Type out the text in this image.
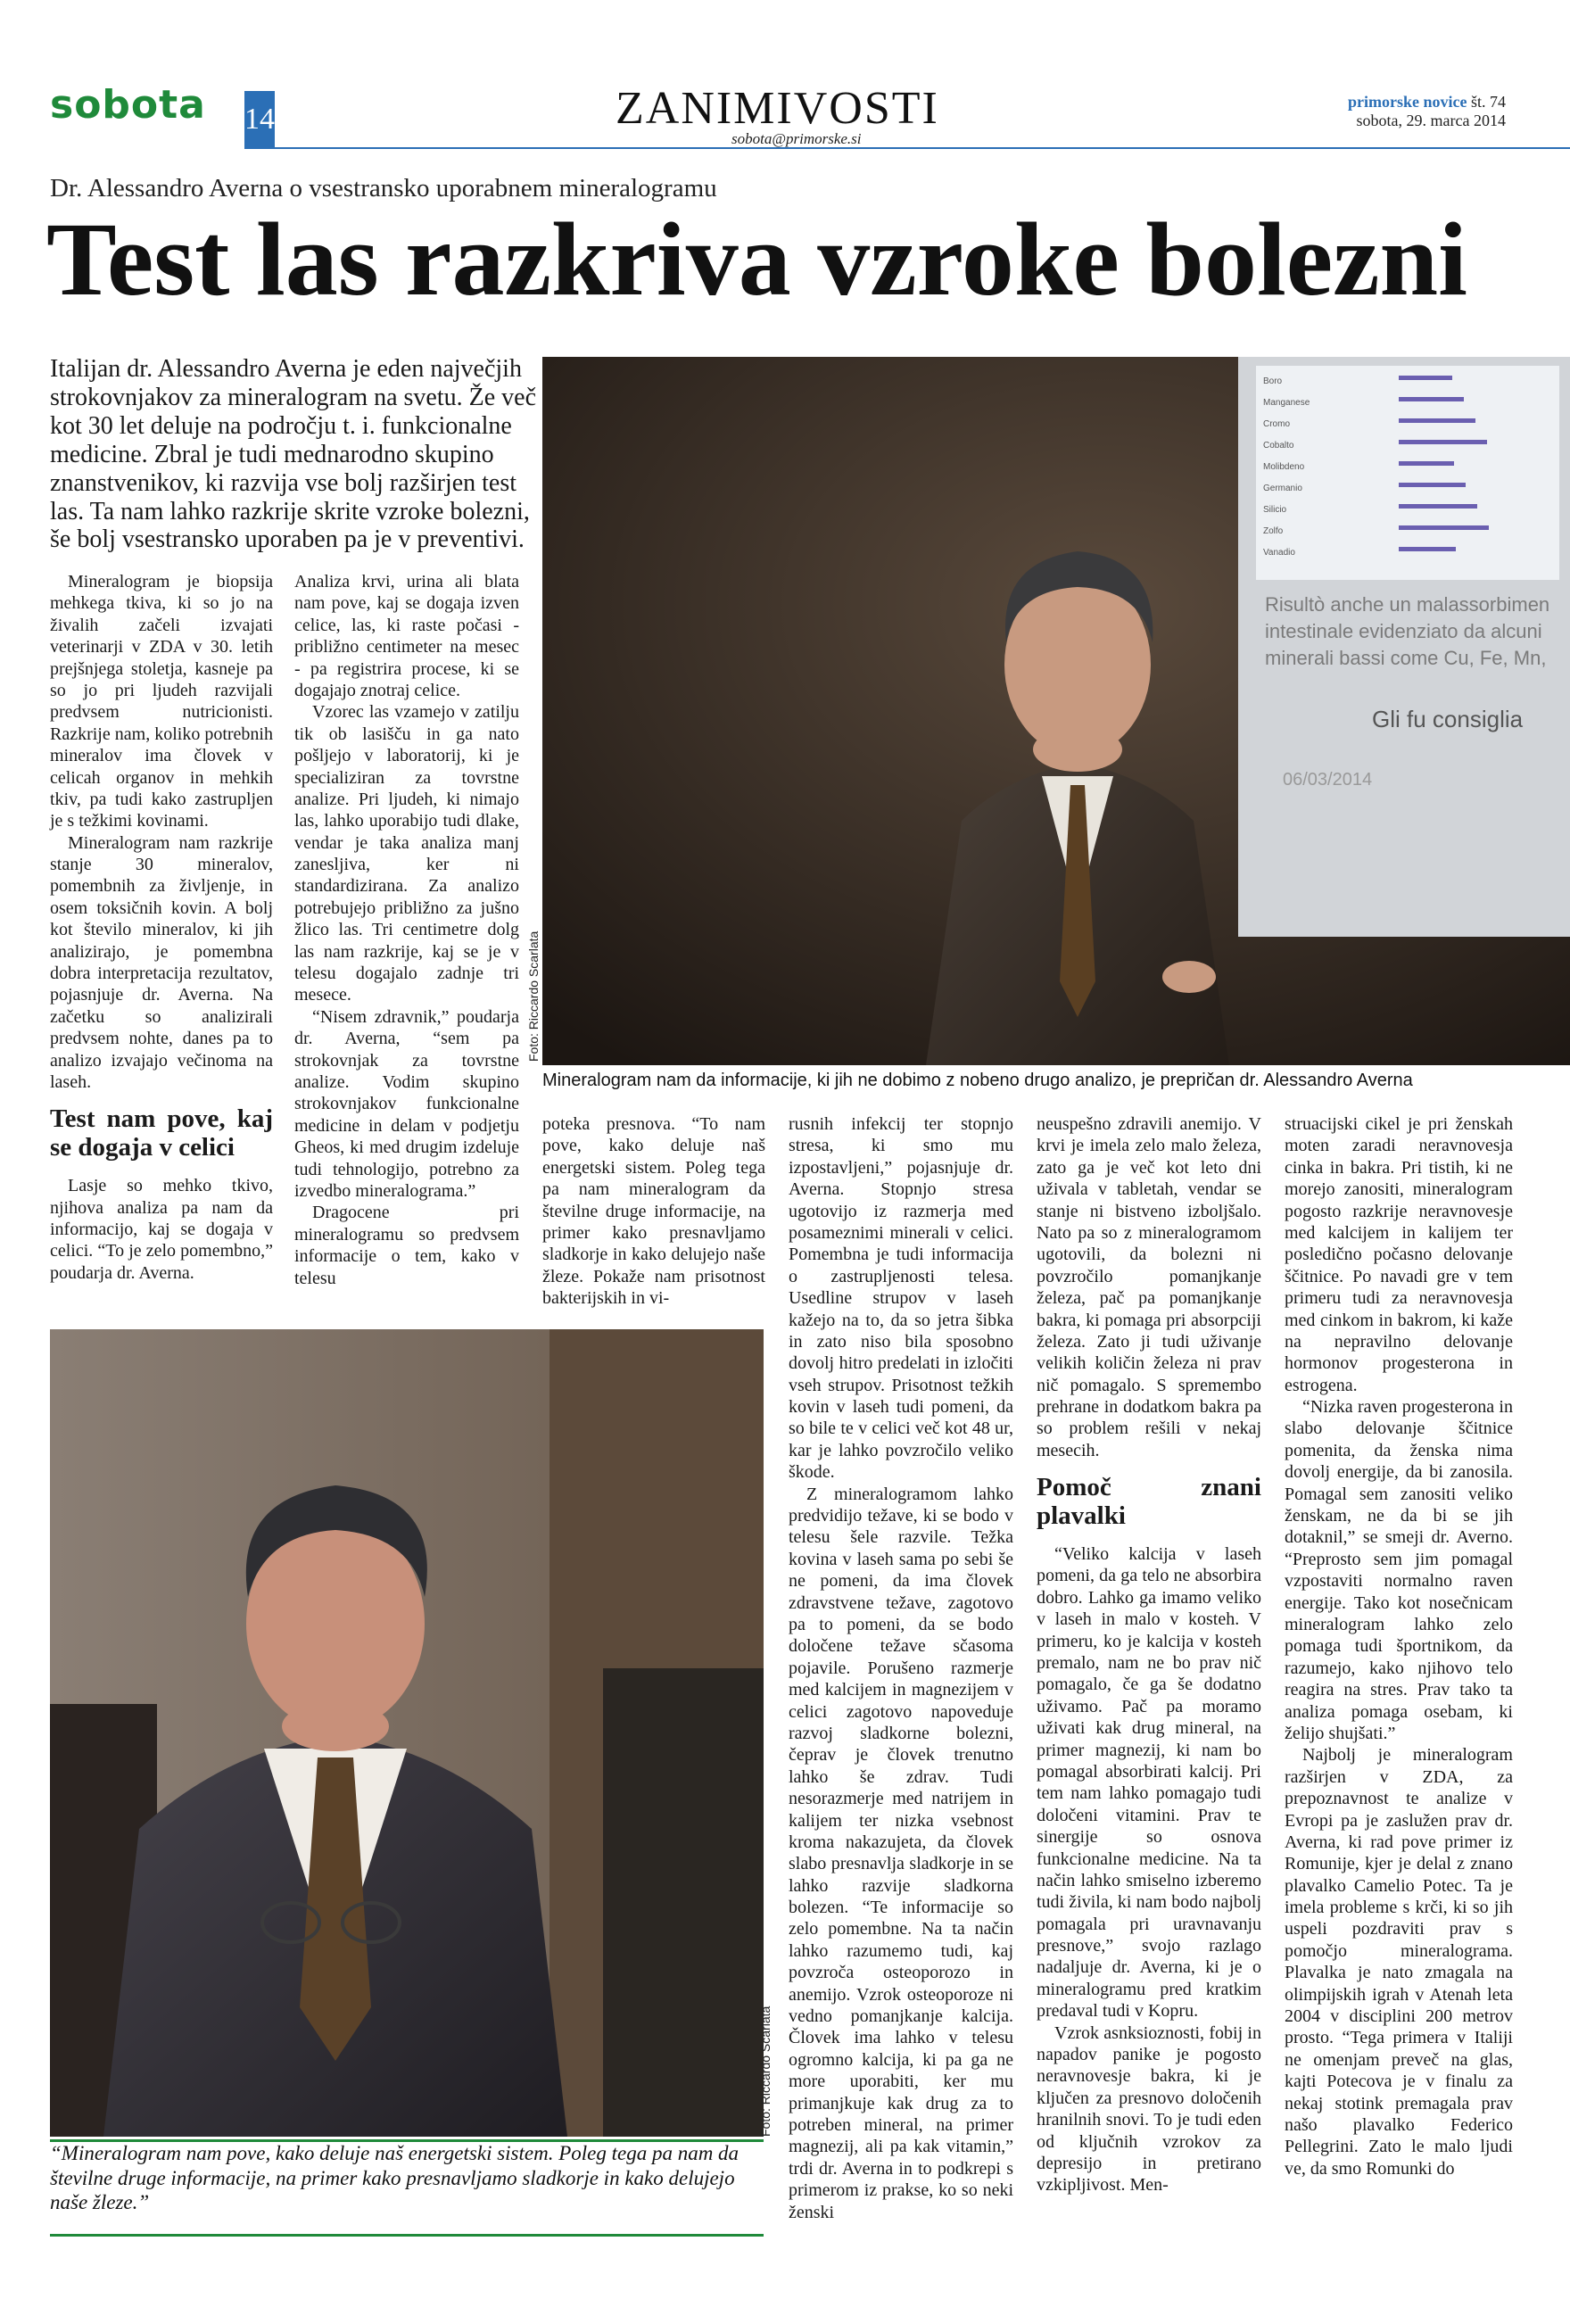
sobota 14	ZANIMIVOSTI
sobota@primorske.si
primorske novice št. 74
sobota, 29. marca 2014
Dr. Alessandro Averna o vsestransko uporabnem mineralogramu
Test las razkriva vzroke bolezni
Italijan dr. Alessandro Averna je eden največjih strokovnjakov za mineralogram na svetu. Že več kot 30 let deluje na področju t. i. funkcionalne medicine. Zbral je tudi mednarodno skupino znanstvenikov, ki razvija vse bolj razširjen test las. Ta nam lahko razkrije skrite vzroke bolezni, še bolj vsestransko uporaben pa je v preventivi.
Boro
Manganese
Cromo
Cobalto
Molibdeno
Germanio
Silicio
Zolfo
Vanadio
Risultò anche un malassorbimen
intestinale evidenziato da alcuni
minerali bassi come Cu, Fe, Mn,
Gli fu consiglia
06/03/2014
Foto: Riccardo Scarlata
Mineralogram nam da informacije, ki jih ne dobimo z nobeno drugo analizo, je prepričan dr. Alessandro Averna
Foto: Riccardo Scarlata
“Mineralogram nam pove, kako deluje naš energetski sistem. Poleg tega pa nam da številne druge informacije, na primer kako presnavljamo sladkorje in kako delujejo naše žleze.”

Mineralogram je biopsija mehkega tkiva, ki so jo na živalih začeli izvajati veterinarji v ZDA v 30. letih prejšnjega stoletja, kasneje pa so jo pri ljudeh razvijali predvsem nutricionisti. Razkrije nam, koliko potrebnih mineralov ima človek v celicah organov in mehkih tkiv, pa tudi kako zastrupljen je s težkimi kovinami.

Mineralogram nam razkrije stanje 30 mineralov, pomembnih za življenje, in osem toksičnih kovin. A bolj kot število mineralov, ki jih analizirajo, je pomembna dobra interpretacija rezultatov, pojasnjuje dr. Averna. Na začetku so analizirali predvsem nohte, danes pa to analizo izvajajo večinoma na laseh.

Test nam pove, kaj se dogaja v celici

Lasje so mehko tkivo, njihova analiza pa nam da informacijo, kaj se dogaja v celici. “To je zelo pomembno,” poudarja dr. Averna.

Analiza krvi, urina ali blata nam pove, kaj se dogaja izven celice, las, ki raste počasi - približno centimeter na mesec - pa registrira procese, ki se dogajajo znotraj celice.

Vzorec las vzamejo v zatilju tik ob lasišču in ga nato pošljejo v laboratorij, ki je specializiran za tovrstne analize. Pri ljudeh, ki nimajo las, lahko uporabijo tudi dlake, vendar je taka analiza manj zanesljiva, ker ni standardizirana. Za analizo potrebujejo približno za jušno žlico las. Tri centimetre dolg las nam razkrije, kaj se je v telesu dogajalo zadnje tri mesece.

“Nisem zdravnik,” poudarja dr. Averna, “sem pa strokovnjak za tovrstne analize. Vodim skupino strokovnjakov funkcionalne medicine in delam v podjetju Gheos, ki med drugim izdeluje tudi tehnologijo, potrebno za izvedbo mineralograma.”

Dragocene pri mineralogramu so predvsem informacije o tem, kako v telesu

poteka presnova. “To nam pove, kako deluje naš energetski sistem. Poleg tega pa nam mineralogram da številne druge informacije, na primer kako presnavljamo sladkorje in kako delujejo naše žleze. Pokaže nam prisotnost bakterijskih in vi-

rusnih infekcij ter stopnjo stresa, ki smo mu izpostavljeni,” pojasnjuje dr. Averna. Stopnjo stresa ugotovijo iz razmerja med posameznimi minerali v celici. Pomembna je tudi informacija o zastrupljenosti telesa. Usedline strupov v laseh kažejo na to, da so jetra šibka in zato niso bila sposobno dovolj hitro predelati in izločiti vseh strupov. Prisotnost težkih kovin v laseh tudi pomeni, da so bile te v celici več kot 48 ur, kar je lahko povzročilo veliko škode.

Z mineralogramom lahko predvidijo težave, ki se bodo v telesu šele razvile. Težka kovina v laseh sama po sebi še ne pomeni, da ima človek zdravstvene težave, zagotovo pa to pomeni, da se bodo določene težave sčasoma pojavile. Porušeno razmerje med kalcijem in magnezijem v celici zagotovo napoveduje razvoj sladkorne bolezni, čeprav je človek trenutno lahko še zdrav. Tudi nesorazmerje med natrijem in kalijem ter nizka vsebnost kroma nakazujeta, da človek slabo presnavlja sladkorje in se lahko razvije sladkorna bolezen. “Te informacije so zelo pomembne. Na ta način lahko razumemo tudi, kaj povzroča osteoporozo in anemijo. Vzrok osteoporoze ni vedno pomanjkanje kalcija. Človek ima lahko v telesu ogromno kalcija, ki pa ga ne more uporabiti, ker mu primanjkuje kak drug za to potreben mineral, na primer magnezij, ali pa kak vitamin,” trdi dr. Averna in to podkrepi s primerom iz prakse, ko so neki ženski

neuspešno zdravili anemijo. V krvi je imela zelo malo železa, zato ga je več kot leto dni uživala v tabletah, vendar se stanje ni bistveno izboljšalo. Nato pa so z mineralogramom ugotovili, da bolezni ni povzročilo pomanjkanje železa, pač pa pomanjkanje bakra, ki pomaga pri absorpciji železa. Zato ji tudi uživanje velikih količin železa ni prav nič pomagalo. S spremembo prehrane in dodatkom bakra pa so problem rešili v nekaj mesecih.

Pomoč znani plavalki

“Veliko kalcija v laseh pomeni, da ga telo ne absorbira dobro. Lahko ga imamo veliko v laseh in malo v kosteh. V primeru, ko je kalcija v kosteh premalo, nam ne bo prav nič pomagalo, če ga še dodatno uživamo. Pač pa moramo uživati kak drug mineral, na primer magnezij, ki nam bo pomagal absorbirati kalcij. Pri tem nam lahko pomagajo tudi določeni vitamini. Prav te sinergije so osnova funkcionalne medicine. Na ta način lahko smiselno izberemo tudi živila, ki nam bodo najbolj pomagala pri uravnavanju presnove,” svojo razlago nadaljuje dr. Averna, ki je o mineralogramu pred kratkim predaval tudi v Kopru.

Vzrok asnksioznosti, fobij in napadov panike je pogosto neravnovesje bakra, ki je ključen za presnovo določenih hranilnih snovi. To je tudi eden od ključnih vzrokov za depresijo in pretirano vzkipljivost. Men-

struacijski cikel je pri ženskah moten zaradi neravnovesja cinka in bakra. Pri tistih, ki ne morejo zanositi, mineralogram pogosto razkrije neravnovesje med kalcijem in kalijem ter posledično počasno delovanje ščitnice. Po navadi gre v tem primeru tudi za neravnovesja med cinkom in bakrom, ki kaže na nepravilno delovanje hormonov progesterona in estrogena.

“Nizka raven progesterona in slabo delovanje ščitnice pomenita, da ženska nima dovolj energije, da bi zanosila. Pomagal sem zanositi veliko ženskam, ne da bi se jih dotaknil,” se smeji dr. Averno. “Preprosto sem jim pomagal vzpostaviti normalno raven energije. Tako kot nosečnicam mineralogram lahko zelo pomaga tudi športnikom, da razumejo, kako njihovo telo reagira na stres. Prav tako ta analiza pomaga osebam, ki želijo shujšati.”

Najbolj je mineralogram razširjen v ZDA, za prepoznavnost te analize v Evropi pa je zaslužen prav dr. Averna, ki rad pove primer iz Romunije, kjer je delal z znano plavalko Camelio Potec. Ta je imela probleme s krči, ki so jih uspeli pozdraviti prav s pomočjo mineralograma. Plavalka je nato zmagala na olimpijskih igrah v Atenah leta 2004 v disciplini 200 metrov prosto. “Tega primera v Italiji ne omenjam preveč na glas, kajti Potecova je v finalu za nekaj stotink premagala prav našo plavalko Federico Pellegrini. Zato le malo ljudi ve, da smo Romunki do
